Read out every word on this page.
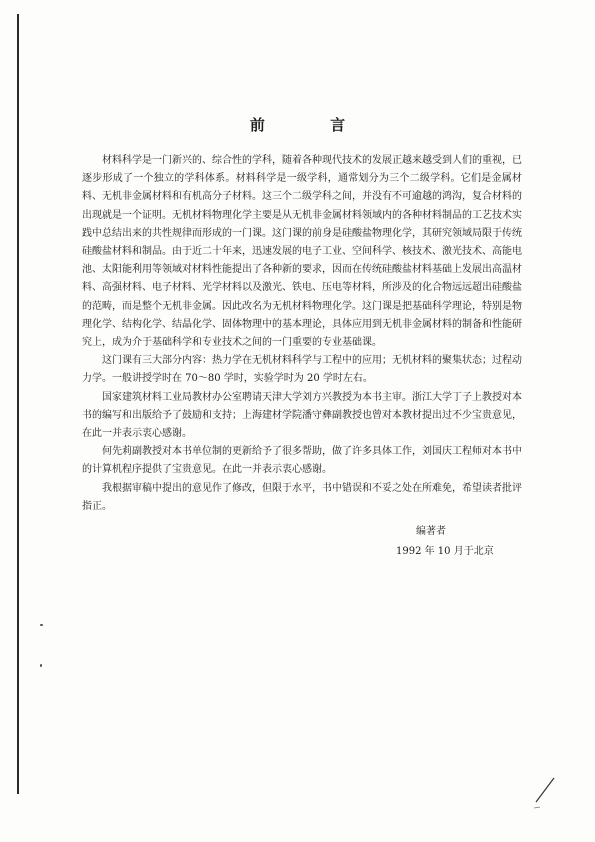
前 言

材料科学是一门新兴的、综合性的学科，随着各种现代技术的发展正越来越受到人们的重视，已逐步形成了一个独立的学科体系。材料科学是一级学科，通常划分为三个二级学科。它们是金属材料、无机非金属材料和有机高分子材料。这三个二级学科之间，并没有不可逾越的鸿沟，复合材料的出现就是一个证明。无机材料物理化学主要是从无机非金属材料领域内的各种材料制品的工艺技术实践中总结出来的共性规律而形成的一门课。这门课的前身是硅酸盐物理化学，其研究领域局限于传统硅酸盐材料和制品。由于近二十年来，迅速发展的电子工业、空间科学、核技术、激光技术、高能电池、太阳能利用等领域对材料性能提出了各种新的要求，因而在传统硅酸盐材料基础上发展出高温材料、高强材料、电子材料、光学材料以及激光、铁电、压电等材料，所涉及的化合物远远超出硅酸盐的范畴，而是整个无机非金属。因此改名为无机材料物理化学。这门课是把基础科学理论，特别是物理化学、结构化学、结晶化学、固体物理中的基本理论，具体应用到无机非金属材料的制备和性能研究上，成为介于基础科学和专业技术之间的一门重要的专业基础课。

这门课有三大部分内容：热力学在无机材料科学与工程中的应用；无机材料的聚集状态；过程动力学。一般讲授学时在 70～80 学时，实验学时为 20 学时左右。

国家建筑材料工业局教材办公室聘请天津大学刘方兴教授为本书主审。浙江大学丁子上教授对本书的编写和出版给予了鼓励和支持；上海建材学院潘守彝副教授也曾对本教材提出过不少宝贵意见，在此一并表示衷心感谢。

何先莉副教授对本书单位制的更新给予了很多帮助，做了许多具体工作，刘国庆工程师对本书中的计算机程序提供了宝贵意见。在此一并表示衷心感谢。

我根据审稿中提出的意见作了修改，但限于水平，书中错误和不妥之处在所难免，希望读者批评指正。

编著者
1992 年 10 月于北京
